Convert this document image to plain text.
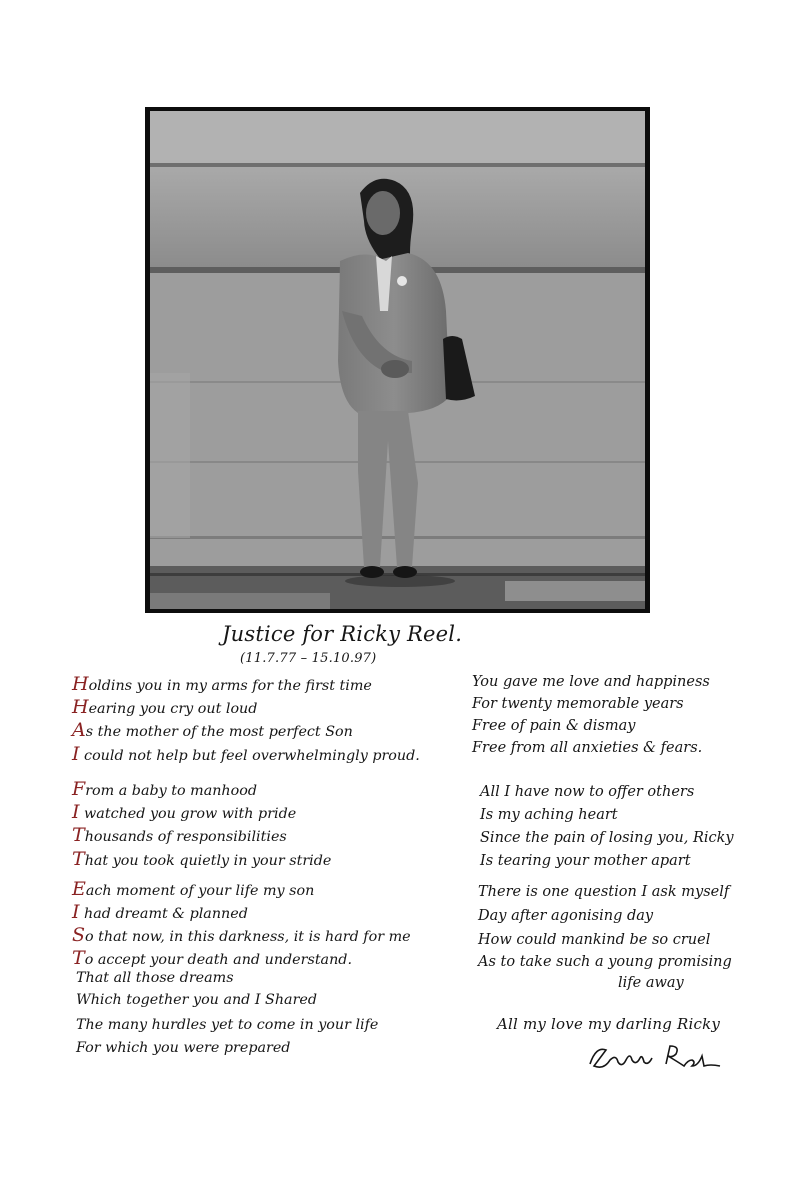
Justice for Ricky Reel.
(11.7.77 – 15.10.97)
Holdins you in my arms for the first time
Hearing you cry out loud
As the mother of the most perfect Son
I could not help but feel overwhelmingly proud.
From a baby to manhood
I watched you grow with pride
Thousands of responsibilities
That you took quietly in your stride
Each moment of your life my son
I had dreamt & planned
So that now, in this darkness, it is hard for me
To accept your death and understand.
That all those dreams
Which together you and I Shared
The many hurdles yet to come in your life
For which you were prepared
You gave me love and happiness
For twenty memorable years
Free of pain & dismay
Free from all anxieties & fears.
All I have now to offer others
Is my aching heart
Since the pain of losing you, Ricky
Is tearing your mother apart
There is one question I ask myself
Day after agonising day
How could mankind be so cruel
As to take such a young promising
life away
All my love my darling Ricky
